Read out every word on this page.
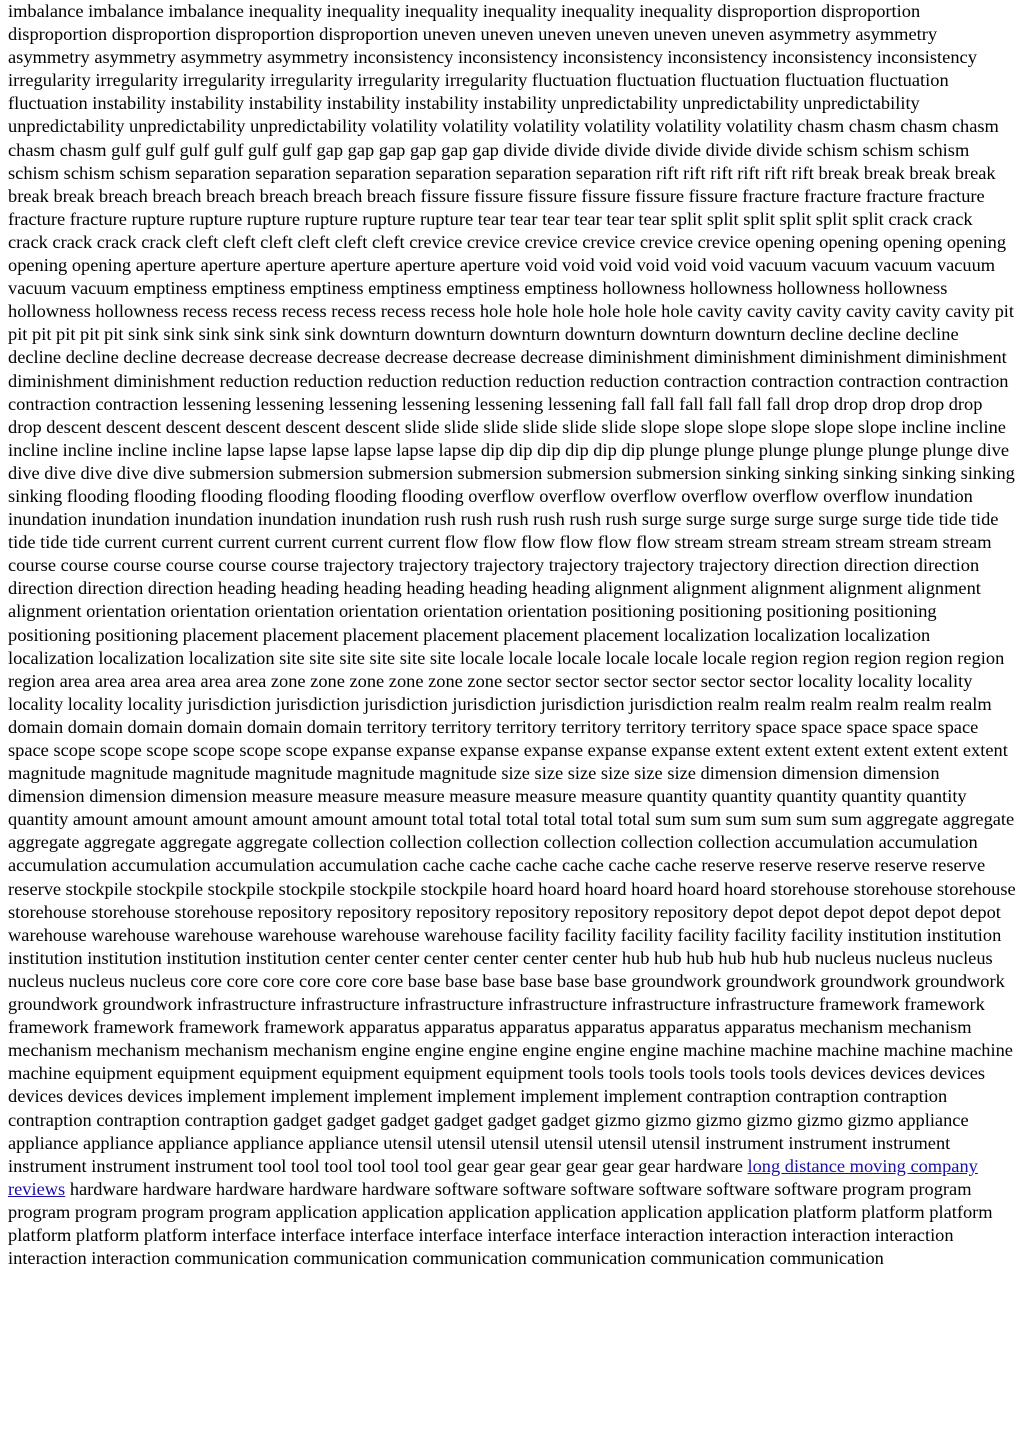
imbalance imbalance imbalance inequality inequality inequality inequality inequality inequality disproportion disproportion disproportion disproportion disproportion disproportion uneven uneven uneven uneven uneven uneven asymmetry asymmetry asymmetry asymmetry asymmetry asymmetry inconsistency inconsistency inconsistency inconsistency inconsistency inconsistency irregularity irregularity irregularity irregularity irregularity irregularity fluctuation fluctuation fluctuation fluctuation fluctuation fluctuation instability instability instability instability instability instability unpredictability unpredictability unpredictability unpredictability unpredictability unpredictability volatility volatility volatility volatility volatility volatility chasm chasm chasm chasm chasm chasm gulf gulf gulf gulf gulf gulf gap gap gap gap gap gap divide divide divide divide divide divide schism schism schism schism schism schism separation separation separation separation separation separation rift rift rift rift rift rift break break break break break break breach breach breach breach breach breach fissure fissure fissure fissure fissure fissure fracture fracture fracture fracture fracture fracture rupture rupture rupture rupture rupture rupture tear tear tear tear tear tear split split split split split split crack crack crack crack crack crack cleft cleft cleft cleft cleft cleft crevice crevice crevice crevice crevice crevice opening opening opening opening opening opening aperture aperture aperture aperture aperture aperture void void void void void void vacuum vacuum vacuum vacuum vacuum vacuum emptiness emptiness emptiness emptiness emptiness emptiness hollowness hollowness hollowness hollowness hollowness hollowness recess recess recess recess recess recess hole hole hole hole hole hole cavity cavity cavity cavity cavity cavity pit pit pit pit pit pit sink sink sink sink sink sink downturn downturn downturn downturn downturn downturn decline decline decline decline decline decline decrease decrease decrease decrease decrease decrease diminishment diminishment diminishment diminishment diminishment diminishment reduction reduction reduction reduction reduction reduction contraction contraction contraction contraction contraction contraction lessening lessening lessening lessening lessening lessening fall fall fall fall fall fall drop drop drop drop drop drop descent descent descent descent descent descent slide slide slide slide slide slide slope slope slope slope slope slope incline incline incline incline incline incline lapse lapse lapse lapse lapse lapse dip dip dip dip dip dip plunge plunge plunge plunge plunge plunge dive dive dive dive dive dive submersion submersion submersion submersion submersion submersion sinking sinking sinking sinking sinking sinking flooding flooding flooding flooding flooding flooding overflow overflow overflow overflow overflow overflow inundation inundation inundation inundation inundation inundation rush rush rush rush rush rush surge surge surge surge surge surge tide tide tide tide tide tide current current current current current current flow flow flow flow flow flow stream stream stream stream stream stream course course course course course course trajectory trajectory trajectory trajectory trajectory trajectory direction direction direction direction direction direction heading heading heading heading heading heading alignment alignment alignment alignment alignment alignment orientation orientation orientation orientation orientation orientation positioning positioning positioning positioning positioning positioning placement placement placement placement placement placement localization localization localization localization localization localization site site site site site site locale locale locale locale locale locale region region region region region region area area area area area area zone zone zone zone zone zone sector sector sector sector sector sector locality locality locality locality locality locality jurisdiction jurisdiction jurisdiction jurisdiction jurisdiction jurisdiction realm realm realm realm realm realm domain domain domain domain domain domain territory territory territory territory territory territory space space space space space space scope scope scope scope scope scope expanse expanse expanse expanse expanse expanse extent extent extent extent extent extent magnitude magnitude magnitude magnitude magnitude magnitude size size size size size size dimension dimension dimension dimension dimension dimension measure measure measure measure measure measure quantity quantity quantity quantity quantity quantity amount amount amount amount amount amount total total total total total total sum sum sum sum sum sum aggregate aggregate aggregate aggregate aggregate aggregate collection collection collection collection collection collection accumulation accumulation accumulation accumulation accumulation accumulation cache cache cache cache cache cache reserve reserve reserve reserve reserve reserve stockpile stockpile stockpile stockpile stockpile stockpile hoard hoard hoard hoard hoard hoard storehouse storehouse storehouse storehouse storehouse storehouse repository repository repository repository repository repository depot depot depot depot depot depot warehouse warehouse warehouse warehouse warehouse warehouse facility facility facility facility facility facility institution institution institution institution institution institution center center center center center center hub hub hub hub hub hub nucleus nucleus nucleus nucleus nucleus nucleus core core core core core core base base base base base base groundwork groundwork groundwork groundwork groundwork groundwork infrastructure infrastructure infrastructure infrastructure infrastructure infrastructure framework framework framework framework framework framework apparatus apparatus apparatus apparatus apparatus apparatus mechanism mechanism mechanism mechanism mechanism mechanism engine engine engine engine engine engine machine machine machine machine machine machine equipment equipment equipment equipment equipment equipment tools tools tools tools tools tools devices devices devices devices devices devices implement implement implement implement implement implement contraption contraption contraption contraption contraption contraption gadget gadget gadget gadget gadget gadget gizmo gizmo gizmo gizmo gizmo gizmo appliance appliance appliance appliance appliance appliance utensil utensil utensil utensil utensil utensil instrument instrument instrument instrument instrument instrument tool tool tool tool tool tool gear gear gear gear gear gear hardware long distance moving company reviews hardware hardware hardware hardware hardware software software software software software software program program program program program program application application application application application application platform platform platform platform platform platform interface interface interface interface interface interface interaction interaction interaction interaction interaction interaction communication communication communication communication communication communication
